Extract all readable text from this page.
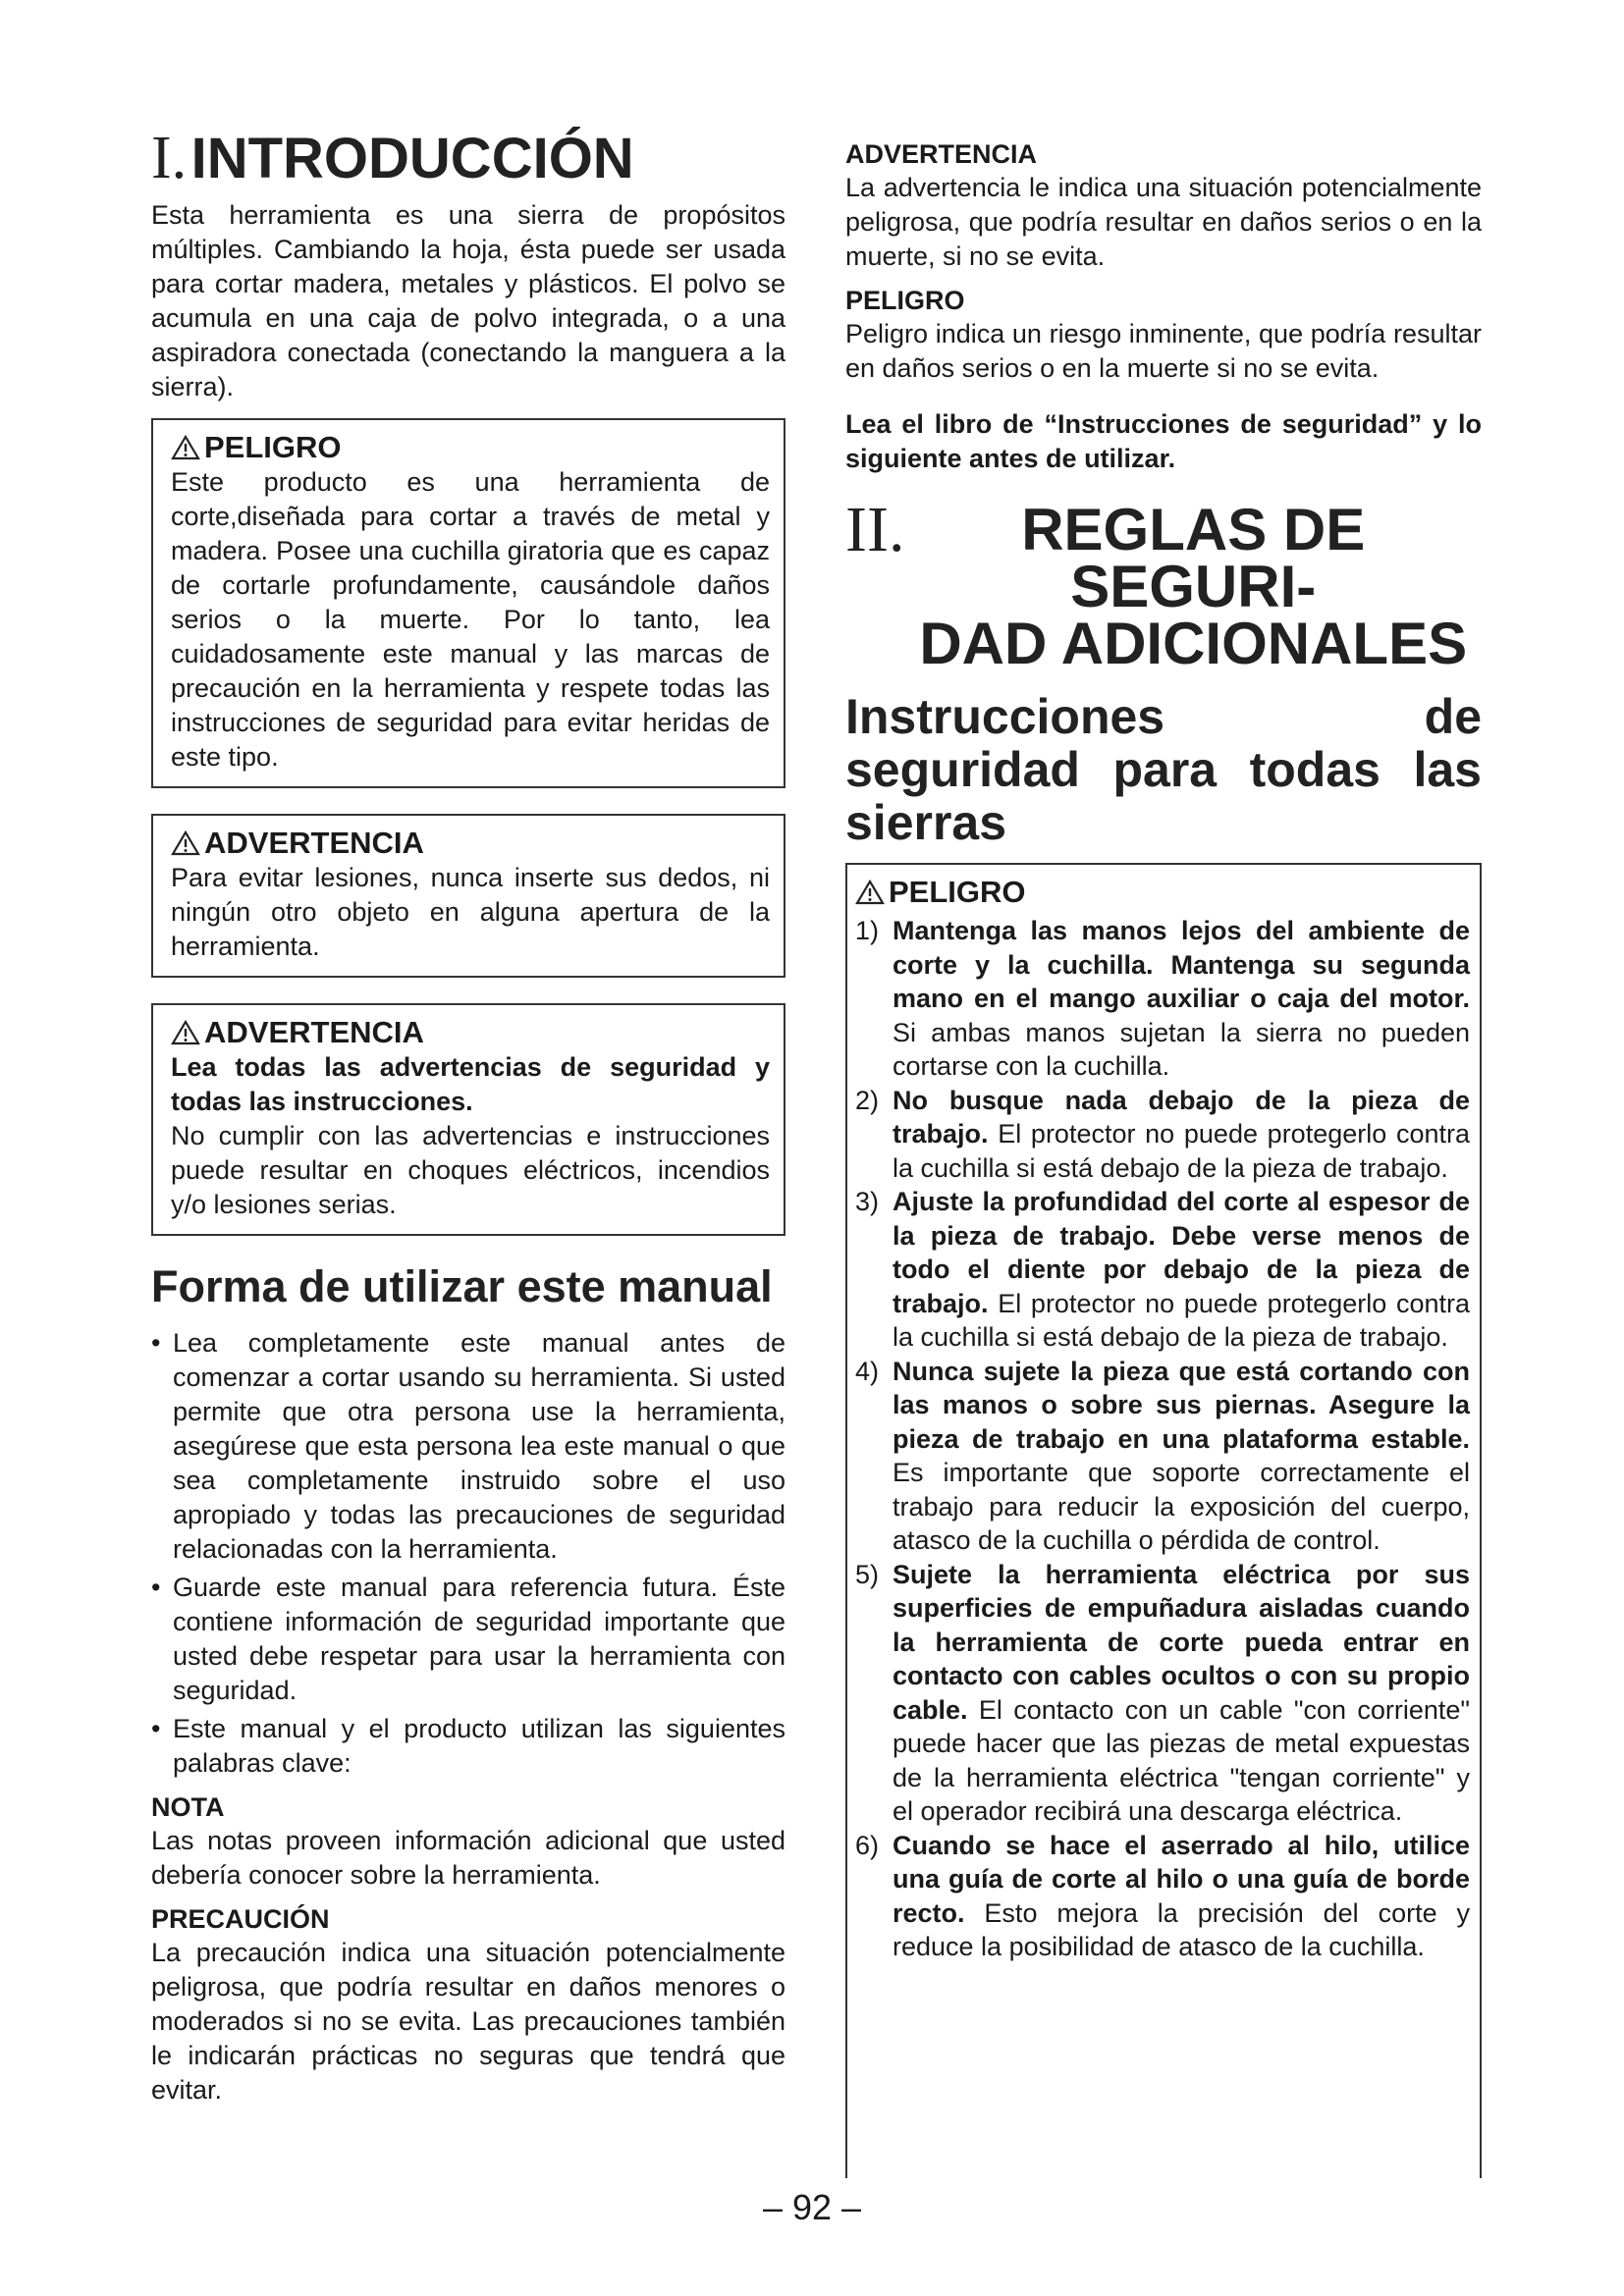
I. INTRODUCCIÓN

Esta herramienta es una sierra de propósitos múltiples. Cambiando la hoja, ésta puede ser usada para cortar madera, metales y plásticos. El polvo se acumula en una caja de polvo integrada, o a una aspiradora conectada (conectando la manguera a la sierra).

PELIGRO

Este producto es una herramienta de corte,diseñada para cortar a través de metal y madera. Posee una cuchilla giratoria que es capaz de cortarle profundamente, causándole daños serios o la muerte. Por lo tanto, lea cuidadosamente este manual y las marcas de precaución en la herramienta y respete todas las instrucciones de seguridad para evitar heridas de este tipo.

ADVERTENCIA

Para evitar lesiones, nunca inserte sus dedos, ni ningún otro objeto en alguna apertura de la herramienta.

ADVERTENCIA

Lea todas las advertencias de seguridad y todas las instrucciones.

No cumplir con las advertencias e instrucciones puede resultar en choques eléctricos, incendios y/o lesiones serias.

Forma de utilizar este manual
• Lea completamente este manual antes de comenzar a cortar usando su herramienta. Si usted permite que otra persona use la herramienta, asegúrese que esta persona lea este manual o que sea completamente instruido sobre el uso apropiado y todas las precauciones de seguridad relacionadas con la herramienta.
• Guarde este manual para referencia futura. Éste contiene información de seguridad importante que usted debe respetar para usar la herramienta con seguridad.
• Este manual y el producto utilizan las siguientes palabras clave:
NOTA

Las notas proveen información adicional que usted debería conocer sobre la herramienta.

PRECAUCIÓN

La precaución indica una situación potencialmente peligrosa, que podría resultar en daños menores o moderados si no se evita. Las precauciones también le indicarán prácticas no seguras que tendrá que evitar.

ADVERTENCIA

La advertencia le indica una situación potencialmente peligrosa, que podría resultar en daños serios o en la muerte, si no se evita.

PELIGRO

Peligro indica un riesgo inminente, que podría resultar en daños serios o en la muerte si no se evita.

Lea el libro de “Instrucciones de seguridad” y lo siguiente antes de utilizar.

II.	REGLAS DE SEGURI-
DAD ADICIONALES
Instrucciones de seguridad para todas las sierras
PELIGRO
1) Mantenga las manos lejos del ambiente de corte y la cuchilla. Mantenga su segunda mano en el mango auxiliar o caja del motor. Si ambas manos sujetan la sierra no pueden cortarse con la cuchilla.
2) No busque nada debajo de la pieza de trabajo. El protector no puede protegerlo contra la cuchilla si está debajo de la pieza de trabajo.
3) Ajuste la profundidad del corte al espesor de la pieza de trabajo. Debe verse menos de todo el diente por debajo de la pieza de trabajo. El protector no puede protegerlo contra la cuchilla si está debajo de la pieza de trabajo.
4) Nunca sujete la pieza que está cortando con las manos o sobre sus piernas. Asegure la pieza de trabajo en una plataforma estable. Es importante que soporte correctamente el trabajo para reducir la exposición del cuerpo, atasco de la cuchilla o pérdida de control.
5) Sujete la herramienta eléctrica por sus superficies de empuñadura aisladas cuando la herramienta de corte pueda entrar en contacto con cables ocultos o con su propio cable. El contacto con un cable "con corriente" puede hacer que las piezas de metal expuestas de la herramienta eléctrica "tengan corriente" y el operador recibirá una descarga eléctrica.
6) Cuando se hace el aserrado al hilo, utilice una guía de corte al hilo o una guía de borde recto. Esto mejora la precisión del corte y reduce la posibilidad de atasco de la cuchilla.
– 92 –
